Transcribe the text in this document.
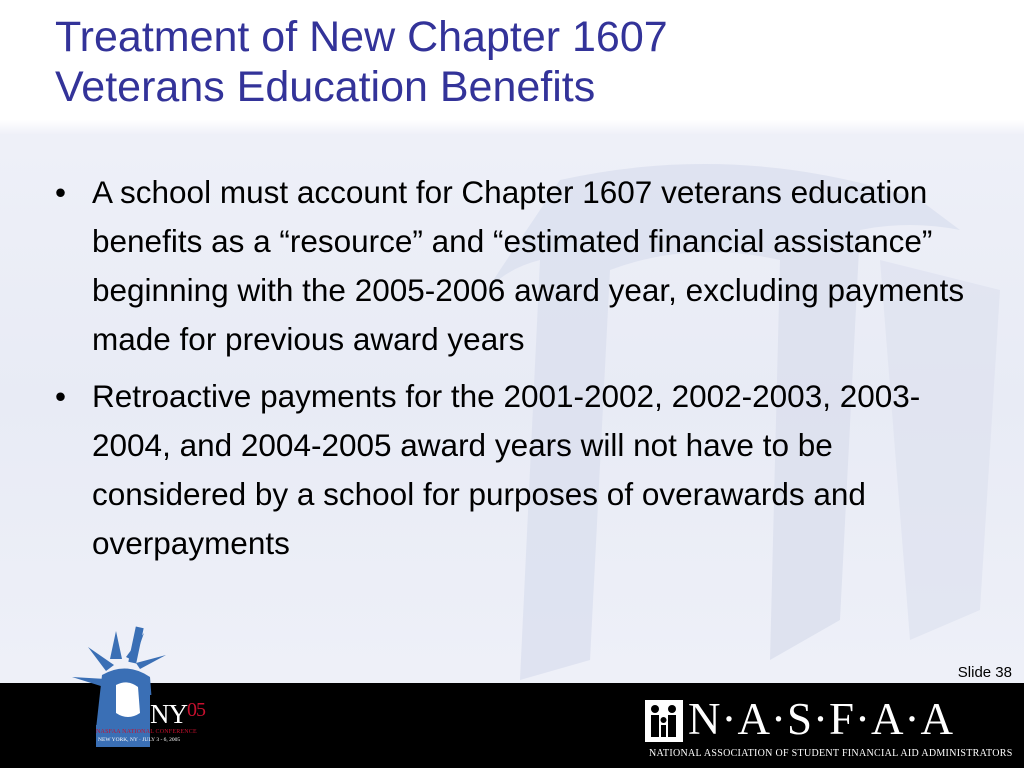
Treatment of New Chapter 1607
Veterans Education Benefits
• A school must account for Chapter 1607 veterans education benefits as a “resource” and “estimated financial assistance” beginning with the 2005-2006 award year, excluding payments made for previous award years
• Retroactive payments for the 2001-2002, 2002-2003, 2003-2004, and 2004-2005 award years will not have to be considered by a school for purposes of overawards and overpayments
Slide 38
NY$^{05}$
NASFAA NATIONAL CONFERENCE
NEW YORK, NY · JULY 3 - 6, 2005	N·A·S·F·A·A
NATIONAL ASSOCIATION OF STUDENT FINANCIAL AID ADMINISTRATORS
